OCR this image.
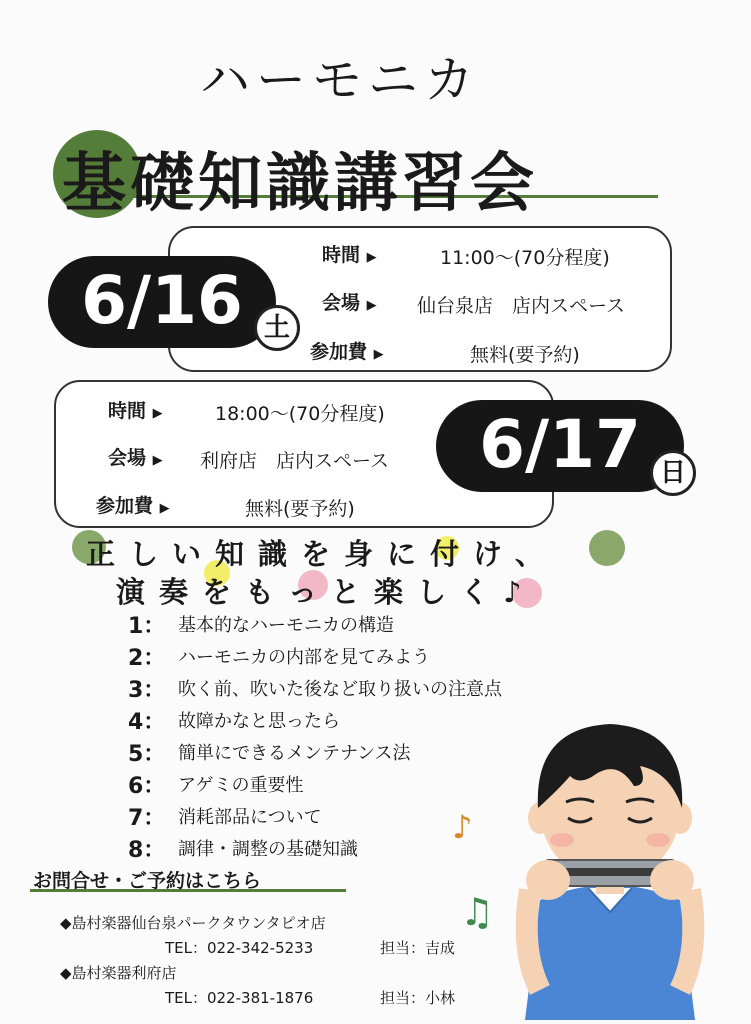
ハーモニカ
基礎知識講習会
6/16 土
時間 ▶	11:00～(70分程度)
会場 ▶ 仙台泉店　店内スペース
参加費 ▶	無料(要予約)
6/17 日
時間 ▶	18:00～(70分程度)
会場 ▶ 利府店　店内スペース
参加費 ▶	無料(要予約)
正しい知識を身に付け、
演奏をもっと楽しく♪
1： 基本的なハーモニカの構造
2： ハーモニカの内部を見てみよう
3： 吹く前、吹いた後など取り扱いの注意点
4： 故障かなと思ったら
5： 簡単にできるメンテナンス法
6： アゲミの重要性
7： 消耗部品について
8： 調律・調整の基礎知識
♪
♫
お問合せ・ご予約はこちら
◆島村楽器仙台泉パークタウンタピオ店
TEL：022-342-5233	担当：吉成
◆島村楽器利府店
TEL：022-381-1876	担当：小林
